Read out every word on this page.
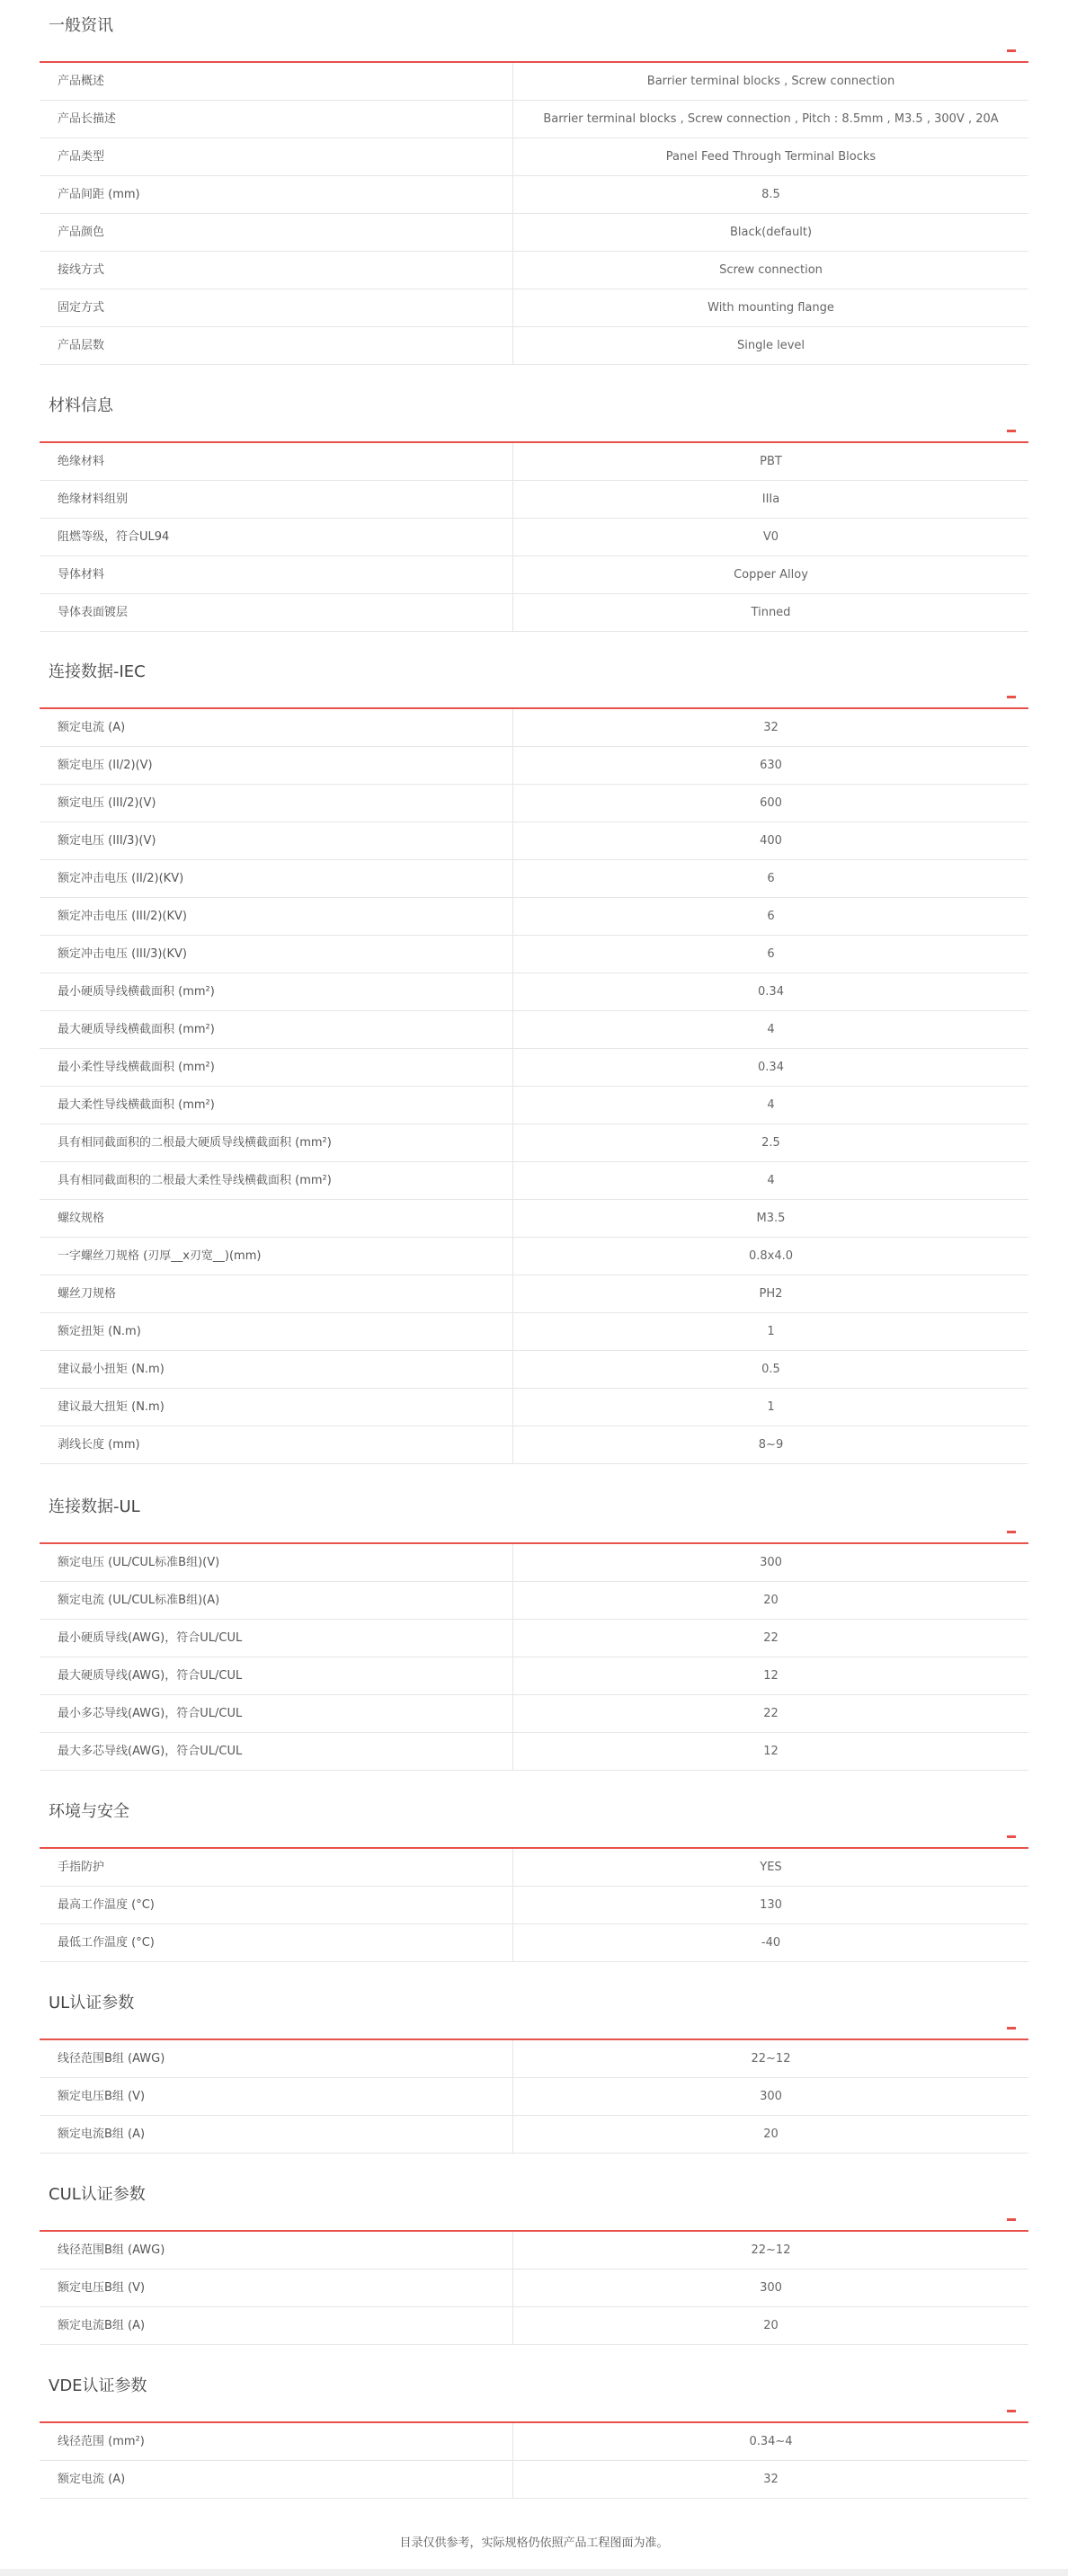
一般资讯
产品概述	Barrier terminal blocks , Screw connection
产品长描述	Barrier terminal blocks , Screw connection , Pitch : 8.5mm , M3.5 , 300V , 20A
产品类型	Panel Feed Through Terminal Blocks
产品间距 (mm)	8.5
产品颜色	Black(default)
接线方式	Screw connection
固定方式	With mounting flange
产品层数	Single level
材料信息
绝缘材料	PBT
绝缘材料组别	IIIa
阻燃等级，符合UL94	V0
导体材料	Copper Alloy
导体表面镀层	Tinned
连接数据-IEC
额定电流 (A)	32
额定电压 (II/2)(V)	630
额定电压 (III/2)(V)	600
额定电压 (III/3)(V)	400
额定冲击电压 (II/2)(KV)	6
额定冲击电压 (III/2)(KV)	6
额定冲击电压 (III/3)(KV)	6
最小硬质导线横截面积 (mm²)	0.34
最大硬质导线横截面积 (mm²)	4
最小柔性导线横截面积 (mm²)	0.34
最大柔性导线横截面积 (mm²)	4
具有相同截面积的二根最大硬质导线横截面积 (mm²)	2.5
具有相同截面积的二根最大柔性导线横截面积 (mm²)	4
螺纹规格	M3.5
一字螺丝刀规格 (刃厚__x刃宽__)(mm)	0.8x4.0
螺丝刀规格	PH2
额定扭矩 (N.m)	1
建议最小扭矩 (N.m)	0.5
建议最大扭矩 (N.m)	1
剥线长度 (mm)	8~9
连接数据-UL
额定电压 (UL/CUL标准B组)(V)	300
额定电流 (UL/CUL标准B组)(A)	20
最小硬质导线(AWG)，符合UL/CUL	22
最大硬质导线(AWG)，符合UL/CUL	12
最小多芯导线(AWG)，符合UL/CUL	22
最大多芯导线(AWG)，符合UL/CUL	12
环境与安全
手指防护	YES
最高工作温度 (°C)	130
最低工作温度 (°C)	-40
UL认证参数
线径范围B组 (AWG)	22~12
额定电压B组 (V)	300
额定电流B组 (A)	20
CUL认证参数
线径范围B组 (AWG)	22~12
额定电压B组 (V)	300
额定电流B组 (A)	20
VDE认证参数
线径范围 (mm²)	0.34~4
额定电流 (A)	32
目录仅供参考，实际规格仍依照产品工程图面为准。
